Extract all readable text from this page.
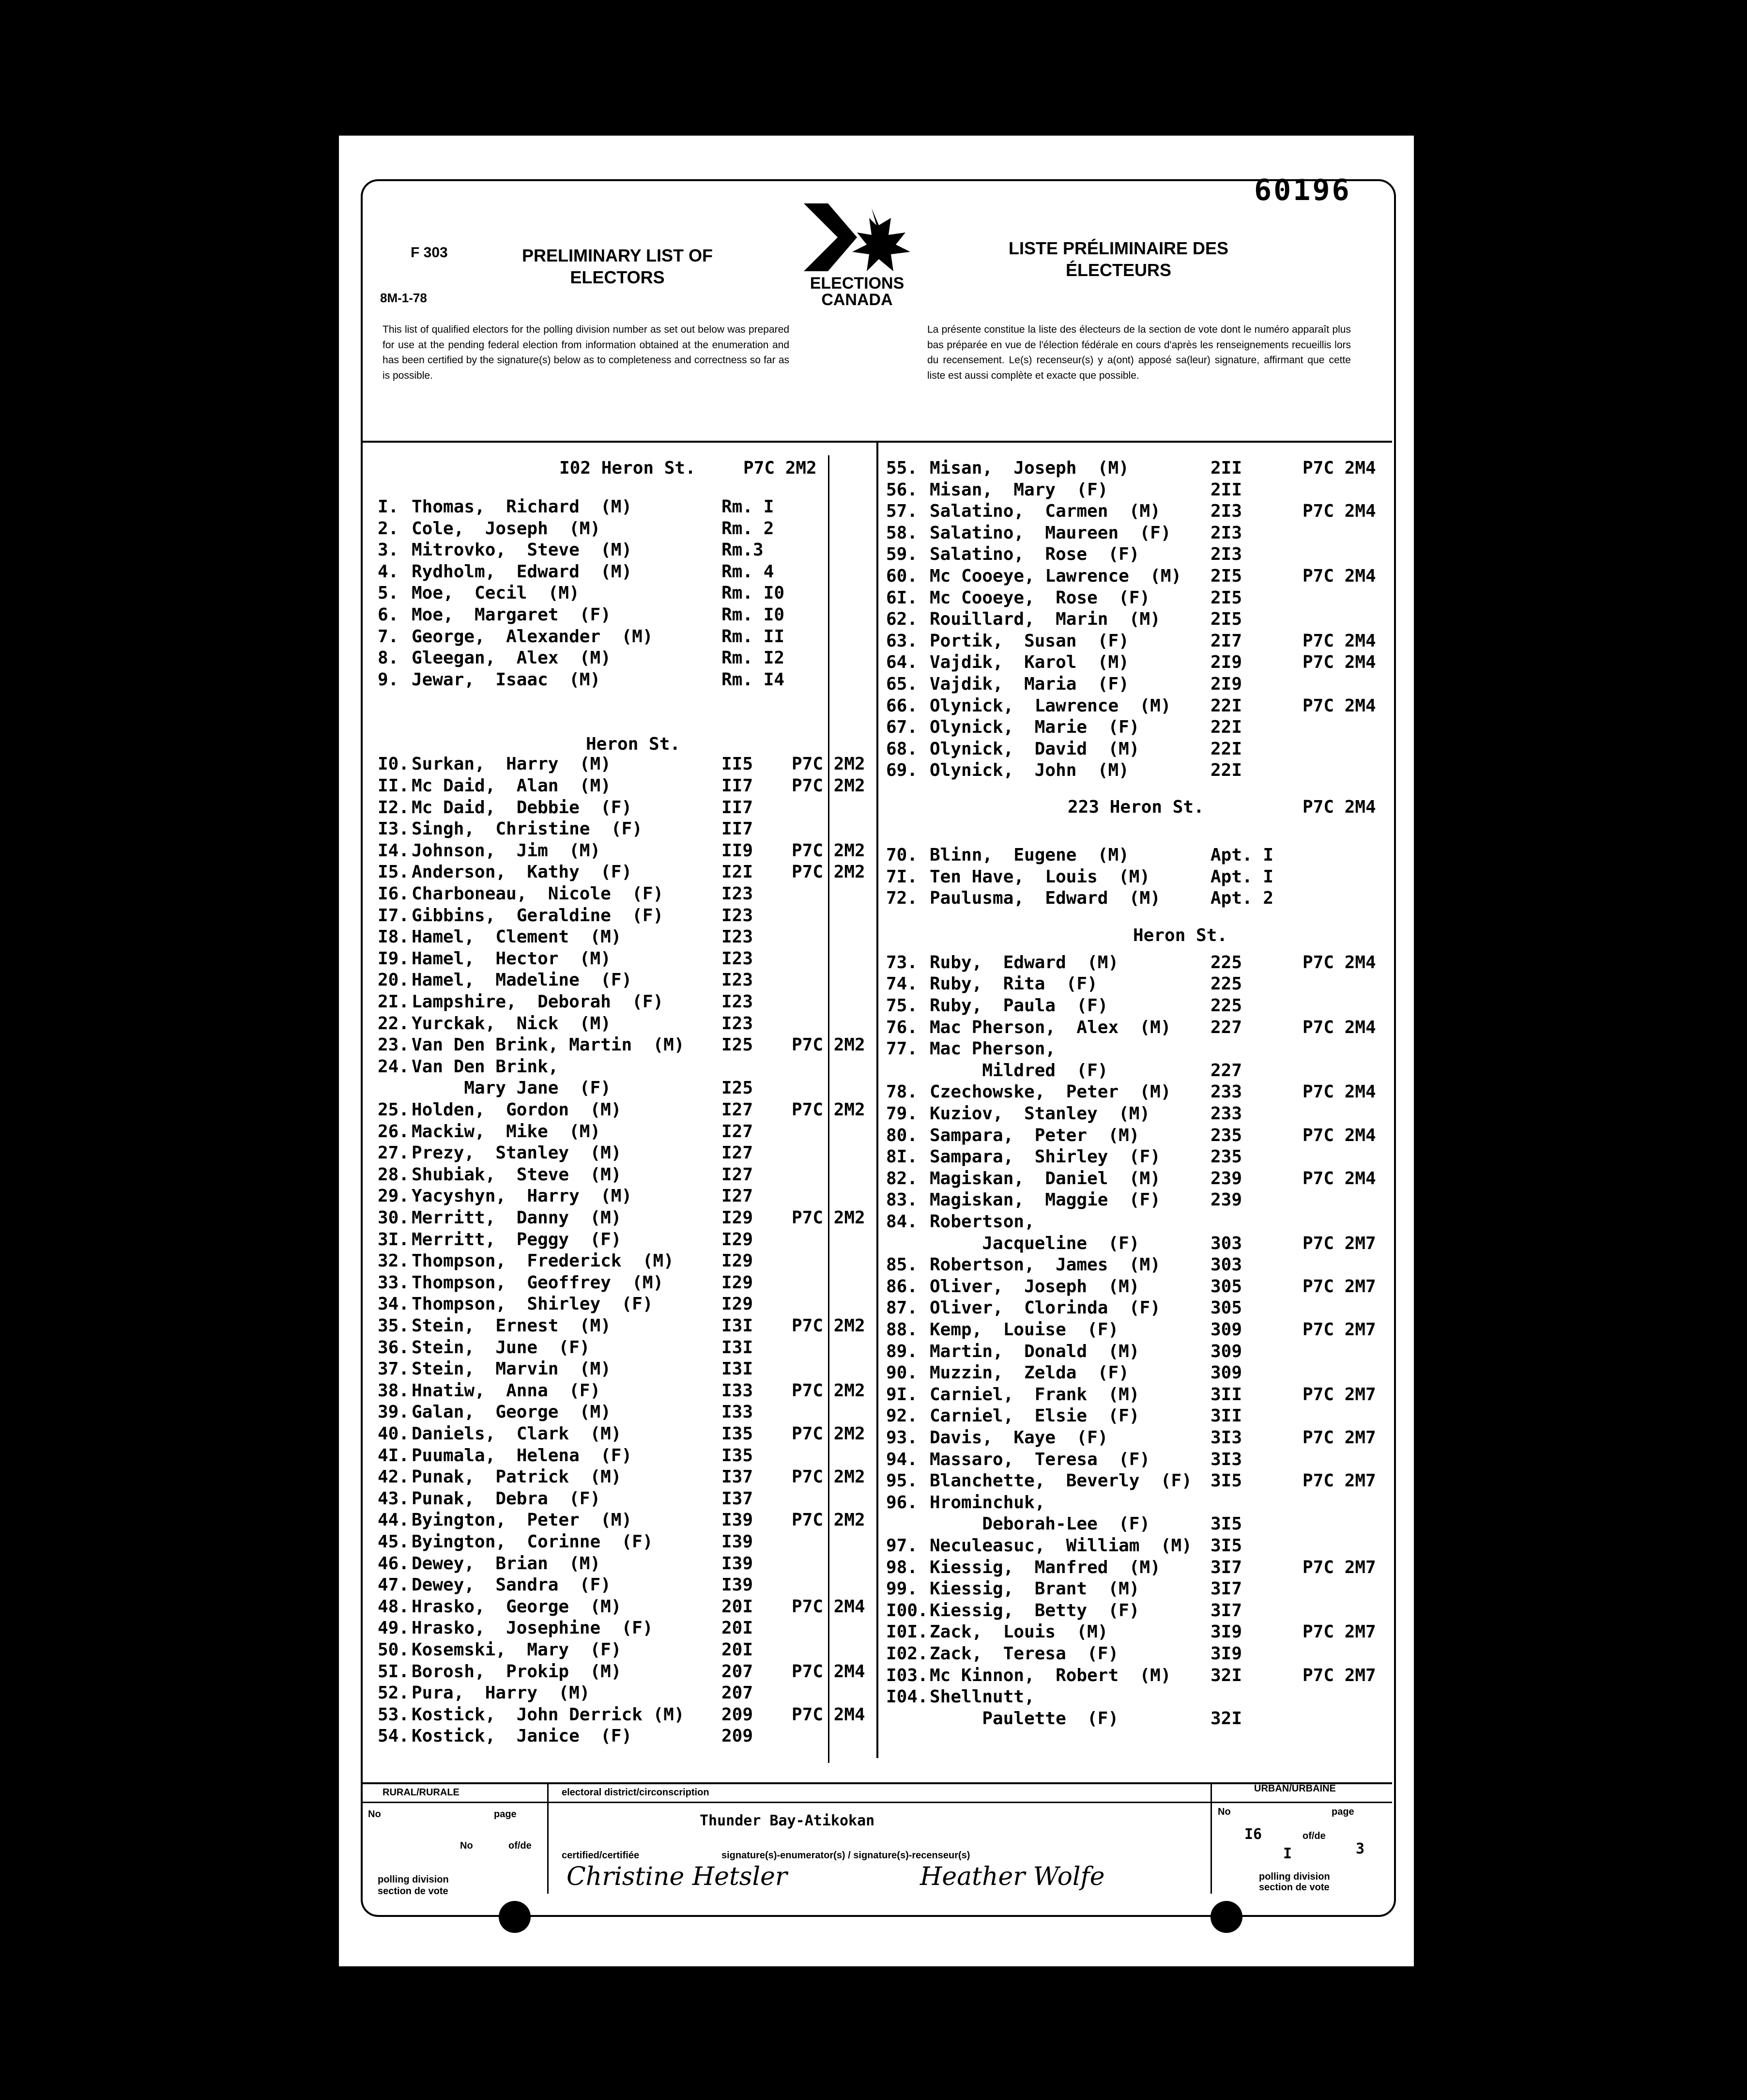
60196
F 303
8M-1-78
PRELIMINARY LIST OF
ELECTORS	ELECTIONS
CANADA
LISTE PRÉLIMINAIRE DES
ÉLECTEURS
This list of qualified electors for the polling division number as set out below was prepared for use at the pending federal election from information obtained at the enumeration and has been certified by the signature(s) below as to completeness and correctness so far as is possible.
La présente constitue la liste des électeurs de la section de vote dont le numéro apparaît plus bas préparée en vue de l'élection fédérale en cours d'après les renseignements recueillis lors du recensement. Le(s) recenseur(s) y a(ont) apposé sa(leur) signature, affirmant que cette liste est aussi complète et exacte que possible.
I02 Heron St.	P7C 2M2
Heron St.
223 Heron St.	P7C 2M4
Heron St.
I. Thomas,  Richard  (M)	Rm. I
2. Cole,  Joseph  (M)	Rm. 2
3. Mitrovko,  Steve  (M)	Rm.3
4. Rydholm,  Edward  (M)	Rm. 4
5. Moe,  Cecil  (M)	Rm. I0
6. Moe,  Margaret  (F)	Rm. I0
7. George,  Alexander  (M)	Rm. II
8. Gleegan,  Alex  (M)	Rm. I2
9. Jewar,  Isaac  (M)	Rm. I4
I0. Surkan,  Harry  (M)	II5 P7C 2M2
II. Mc Daid,  Alan  (M)	II7 P7C 2M2
I2. Mc Daid,  Debbie  (F)	II7
I3. Singh,  Christine  (F)	II7
I4. Johnson,  Jim  (M)	II9 P7C 2M2
I5. Anderson,  Kathy  (F)	I2I P7C 2M2
I6. Charboneau,  Nicole  (F)	I23
I7. Gibbins,  Geraldine  (F)	I23
I8. Hamel,  Clement  (M)	I23
I9. Hamel,  Hector  (M)	I23
20. Hamel,  Madeline  (F)	I23
2I. Lampshire,  Deborah  (F)	I23
22. Yurckak,  Nick  (M)	I23
23. Van Den Brink, Martin  (M) I25 P7C 2M2
24. Van Den Brink,
Mary Jane  (F)	I25
25. Holden,  Gordon  (M)	I27 P7C 2M2
26. Mackiw,  Mike  (M)	I27
27. Prezy,  Stanley  (M)	I27
28. Shubiak,  Steve  (M)	I27
29. Yacyshyn,  Harry  (M)	I27
30. Merritt,  Danny  (M)	I29 P7C 2M2
3I. Merritt,  Peggy  (F)	I29
32. Thompson,  Frederick  (M)	I29
33. Thompson,  Geoffrey  (M)	I29
34. Thompson,  Shirley  (F)	I29
35. Stein,  Ernest  (M)	I3I P7C 2M2
36. Stein,  June  (F)	I3I
37. Stein,  Marvin  (M)	I3I
38. Hnatiw,  Anna  (F)	I33 P7C 2M2
39. Galan,  George  (M)	I33
40. Daniels,  Clark  (M)	I35 P7C 2M2
4I. Puumala,  Helena  (F)	I35
42. Punak,  Patrick  (M)	I37 P7C 2M2
43. Punak,  Debra  (F)	I37
44. Byington,  Peter  (M)	I39 P7C 2M2
45. Byington,  Corinne  (F)	I39
46. Dewey,  Brian  (M)	I39
47. Dewey,  Sandra  (F)	I39
48. Hrasko,  George  (M)	20I P7C 2M4
49. Hrasko,  Josephine  (F)	20I
50. Kosemski,  Mary  (F)	20I
5I. Borosh,  Prokip  (M)	207 P7C 2M4
52. Pura,  Harry  (M)	207
53. Kostick,  John Derrick (M) 209 P7C 2M4
54. Kostick,  Janice  (F)	209
55. Misan,  Joseph  (M)	2II	P7C 2M4
56. Misan,  Mary  (F)	2II
57. Salatino,  Carmen  (M)	2I3	P7C 2M4
58. Salatino,  Maureen  (F) 2I3
59. Salatino,  Rose  (F)	2I3
60. Mc Cooeye, Lawrence  (M) 2I5	P7C 2M4
6I. Mc Cooeye,  Rose  (F)	2I5
62. Rouillard,  Marin  (M)	2I5
63. Portik,  Susan  (F)	2I7	P7C 2M4
64. Vajdik,  Karol  (M)	2I9	P7C 2M4
65. Vajdik,  Maria  (F)	2I9
66. Olynick,  Lawrence  (M) 22I	P7C 2M4
67. Olynick,  Marie  (F)	22I
68. Olynick,  David  (M)	22I
69. Olynick,  John  (M)	22I
70. Blinn,  Eugene  (M)	Apt. I
7I. Ten Have,  Louis  (M)	Apt. I
72. Paulusma,  Edward  (M)	Apt. 2
73. Ruby,  Edward  (M)	225	P7C 2M4
74. Ruby,  Rita  (F)	225
75. Ruby,  Paula  (F)	225
76. Mac Pherson,  Alex  (M) 227	P7C 2M4
77. Mac Pherson,
Mildred  (F)	227
78. Czechowske,  Peter  (M) 233	P7C 2M4
79. Kuziov,  Stanley  (M)	233
80. Sampara,  Peter  (M)	235	P7C 2M4
8I. Sampara,  Shirley  (F)	235
82. Magiskan,  Daniel  (M)	239	P7C 2M4
83. Magiskan,  Maggie  (F)	239
84. Robertson,
Jacqueline  (F)	303	P7C 2M7
85. Robertson,  James  (M)	303
86. Oliver,  Joseph  (M)	305	P7C 2M7
87. Oliver,  Clorinda  (F)	305
88. Kemp,  Louise  (F)	309	P7C 2M7
89. Martin,  Donald  (M)	309
90. Muzzin,  Zelda  (F)	309
9I. Carniel,  Frank  (M)	3II	P7C 2M7
92. Carniel,  Elsie  (F)	3II
93. Davis,  Kaye  (F)	3I3	P7C 2M7
94. Massaro,  Teresa  (F)	3I3
95. Blanchette,  Beverly  (F) 3I5	P7C 2M7
96. Hrominchuk,
Deborah-Lee  (F)	3I5
97. Neculeasuc,  William  (M) 3I5
98. Kiessig,  Manfred  (M)	3I7	P7C 2M7
99. Kiessig,  Brant  (M)	3I7
I00.Kiessig,  Betty  (F)	3I7
I0I.Zack,  Louis  (M)	3I9	P7C 2M7
I02.Zack,  Teresa  (F)	3I9
I03.Mc Kinnon,  Robert  (M) 32I	P7C 2M7
I04.Shellnutt,
Paulette  (F)	32I
RURAL/RURALE	URBAN/URBAINE
No	page
No	of/de
electoral district/circonscription
Thunder Bay-Atikokan
certified/certifiée	signature(s)-enumerator(s) / signature(s)-recenseur(s)
polling division
section de vote
polling division
section de vote
No	page
of/de
I6
I	3
Christine Hetsler	Heather Wolfe
